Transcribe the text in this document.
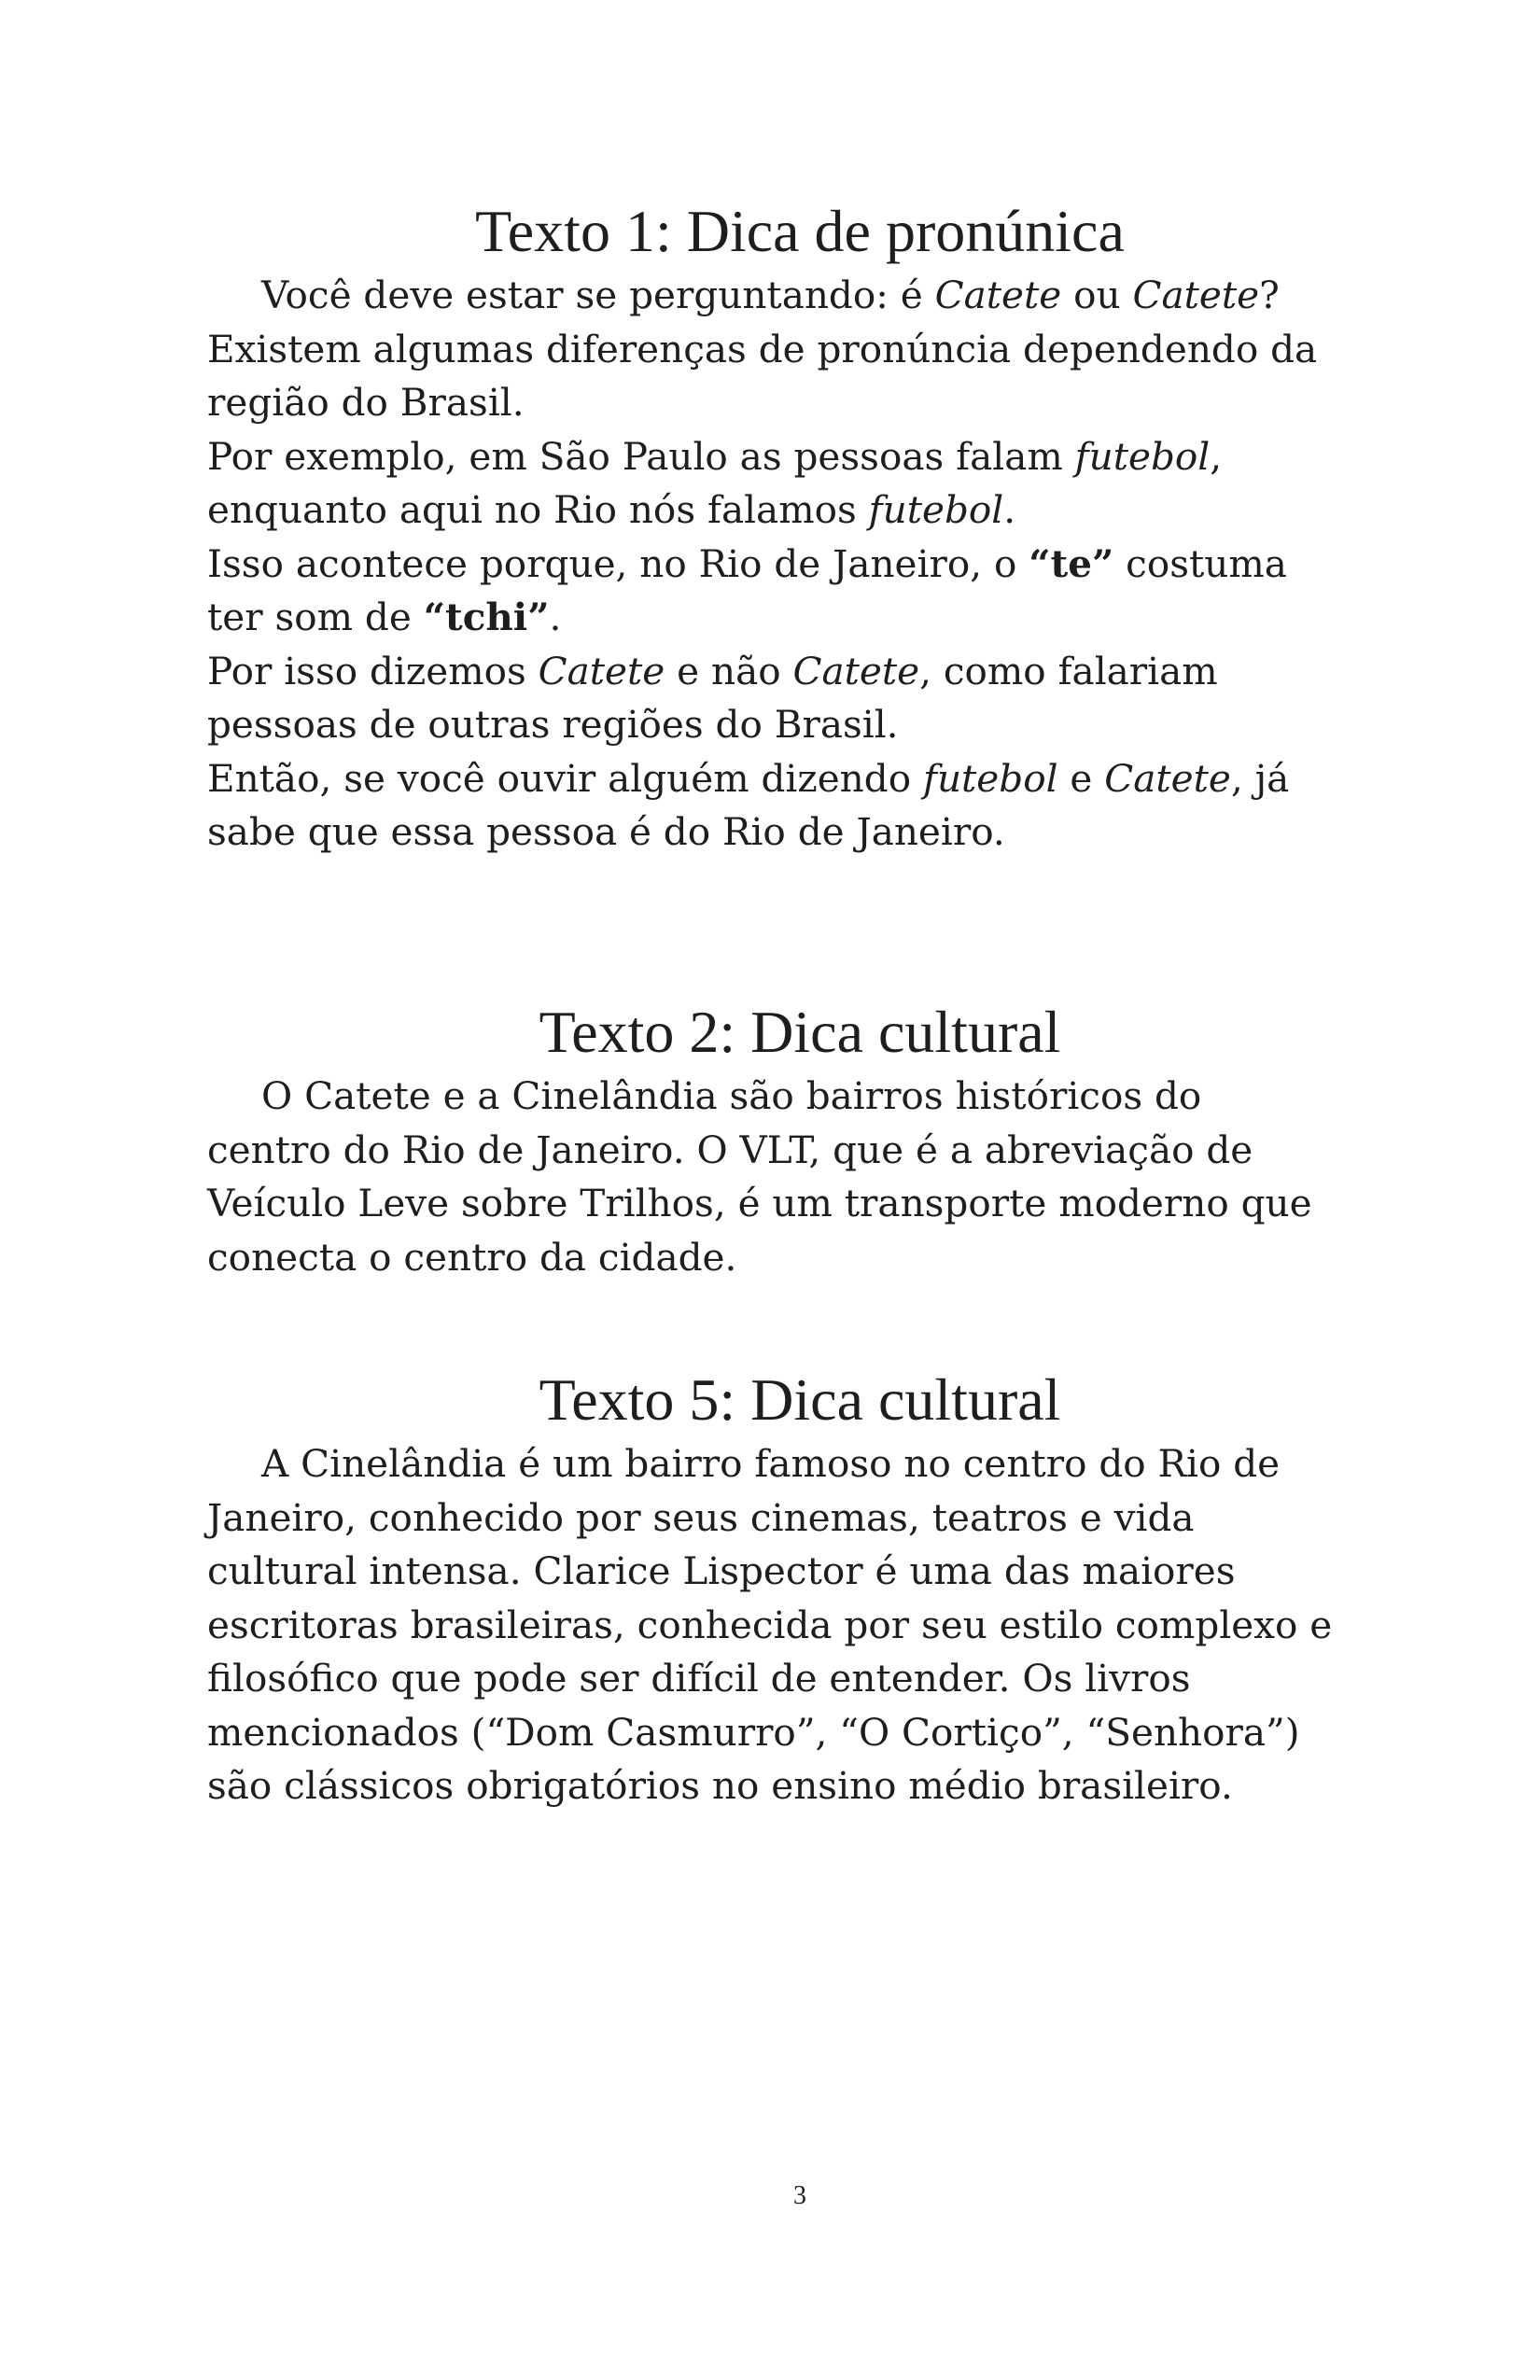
Texto 1: Dica de pronúnica
Você deve estar se perguntando: é Catete ou Catete?
Existem algumas diferenças de pronúncia dependendo da
região do Brasil.
Por exemplo, em São Paulo as pessoas falam futebol,
enquanto aqui no Rio nós falamos futebol.
Isso acontece porque, no Rio de Janeiro, o “te” costuma
ter som de “tchi”.
Por isso dizemos Catete e não Catete, como falariam
pessoas de outras regiões do Brasil.
Então, se você ouvir alguém dizendo futebol e Catete, já
sabe que essa pessoa é do Rio de Janeiro.
Texto 2: Dica cultural
O Catete e a Cinelândia são bairros históricos do
centro do Rio de Janeiro. O VLT, que é a abreviação de
Veículo Leve sobre Trilhos, é um transporte moderno que
conecta o centro da cidade.
Texto 5: Dica cultural
A Cinelândia é um bairro famoso no centro do Rio de
Janeiro, conhecido por seus cinemas, teatros e vida
cultural intensa. Clarice Lispector é uma das maiores
escritoras brasileiras, conhecida por seu estilo complexo e
filosófico que pode ser difícil de entender. Os livros
mencionados (“Dom Casmurro”, “O Cortiço”, “Senhora”)
são clássicos obrigatórios no ensino médio brasileiro.
3
